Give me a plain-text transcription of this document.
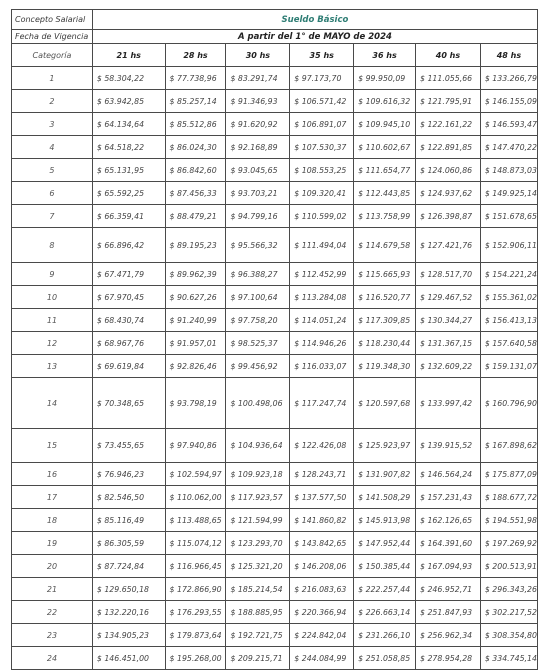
Concepto Salarial	Sueldo Básico						
Fecha de Vigencia	A partir del 1° de MAYO de 2024						
Categoría	21 hs	28 hs	30 hs	35 hs	36 hs	40 hs	48 hs
1	$ 58.304,22	$ 77.738,96	$ 83.291,74	$ 97.173,70	$ 99.950,09	$ 111.055,66	$ 133.266,79
2	$ 63.942,85	$ 85.257,14	$ 91.346,93	$ 106.571,42	$ 109.616,32	$ 121.795,91	$ 146.155,09
3	$ 64.134,64	$ 85.512,86	$ 91.620,92	$ 106.891,07	$ 109.945,10	$ 122.161,22	$ 146.593,47
4	$ 64.518,22	$ 86.024,30	$ 92.168,89	$ 107.530,37	$ 110.602,67	$ 122.891,85	$ 147.470,22
5	$ 65.131,95	$ 86.842,60	$ 93.045,65	$ 108.553,25	$ 111.654,77	$ 124.060,86	$ 148.873,03
6	$ 65.592,25	$ 87.456,33	$ 93.703,21	$ 109.320,41	$ 112.443,85	$ 124.937,62	$ 149.925,14
7	$ 66.359,41	$ 88.479,21	$ 94.799,16	$ 110.599,02	$ 113.758,99	$ 126.398,87	$ 151.678,65
8	$ 66.896,42	$ 89.195,23	$ 95.566,32	$ 111.494,04	$ 114.679,58	$ 127.421,76	$ 152.906,11
9	$ 67.471,79	$ 89.962,39	$ 96.388,27	$ 112.452,99	$ 115.665,93	$ 128.517,70	$ 154.221,24
10	$ 67.970,45	$ 90.627,26	$ 97.100,64	$ 113.284,08	$ 116.520,77	$ 129.467,52	$ 155.361,02
11	$ 68.430,74	$ 91.240,99	$ 97.758,20	$ 114.051,24	$ 117.309,85	$ 130.344,27	$ 156.413,13
12	$ 68.967,76	$ 91.957,01	$ 98.525,37	$ 114.946,26	$ 118.230,44	$ 131.367,15	$ 157.640,58
13	$ 69.619,84	$ 92.826,46	$ 99.456,92	$ 116.033,07	$ 119.348,30	$ 132.609,22	$ 159.131,07
14	$ 70.348,65	$ 93.798,19	$ 100.498,06	$ 117.247,74	$ 120.597,68	$ 133.997,42	$ 160.796,90
15	$ 73.455,65	$ 97.940,86	$ 104.936,64	$ 122.426,08	$ 125.923,97	$ 139.915,52	$ 167.898,62
16	$ 76.946,23	$ 102.594,97	$ 109.923,18	$ 128.243,71	$ 131.907,82	$ 146.564,24	$ 175.877,09
17	$ 82.546,50	$ 110.062,00	$ 117.923,57	$ 137.577,50	$ 141.508,29	$ 157.231,43	$ 188.677,72
18	$ 85.116,49	$ 113.488,65	$ 121.594,99	$ 141.860,82	$ 145.913,98	$ 162.126,65	$ 194.551,98
19	$ 86.305,59	$ 115.074,12	$ 123.293,70	$ 143.842,65	$ 147.952,44	$ 164.391,60	$ 197.269,92
20	$ 87.724,84	$ 116.966,45	$ 125.321,20	$ 146.208,06	$ 150.385,44	$ 167.094,93	$ 200.513,91
21	$ 129.650,18	$ 172.866,90	$ 185.214,54	$ 216.083,63	$ 222.257,44	$ 246.952,71	$ 296.343,26
22	$ 132.220,16	$ 176.293,55	$ 188.885,95	$ 220.366,94	$ 226.663,14	$ 251.847,93	$ 302.217,52
23	$ 134.905,23	$ 179.873,64	$ 192.721,75	$ 224.842,04	$ 231.266,10	$ 256.962,34	$ 308.354,80
24	$ 146.451,00	$ 195.268,00	$ 209.215,71	$ 244.084,99	$ 251.058,85	$ 278.954,28	$ 334.745,14
